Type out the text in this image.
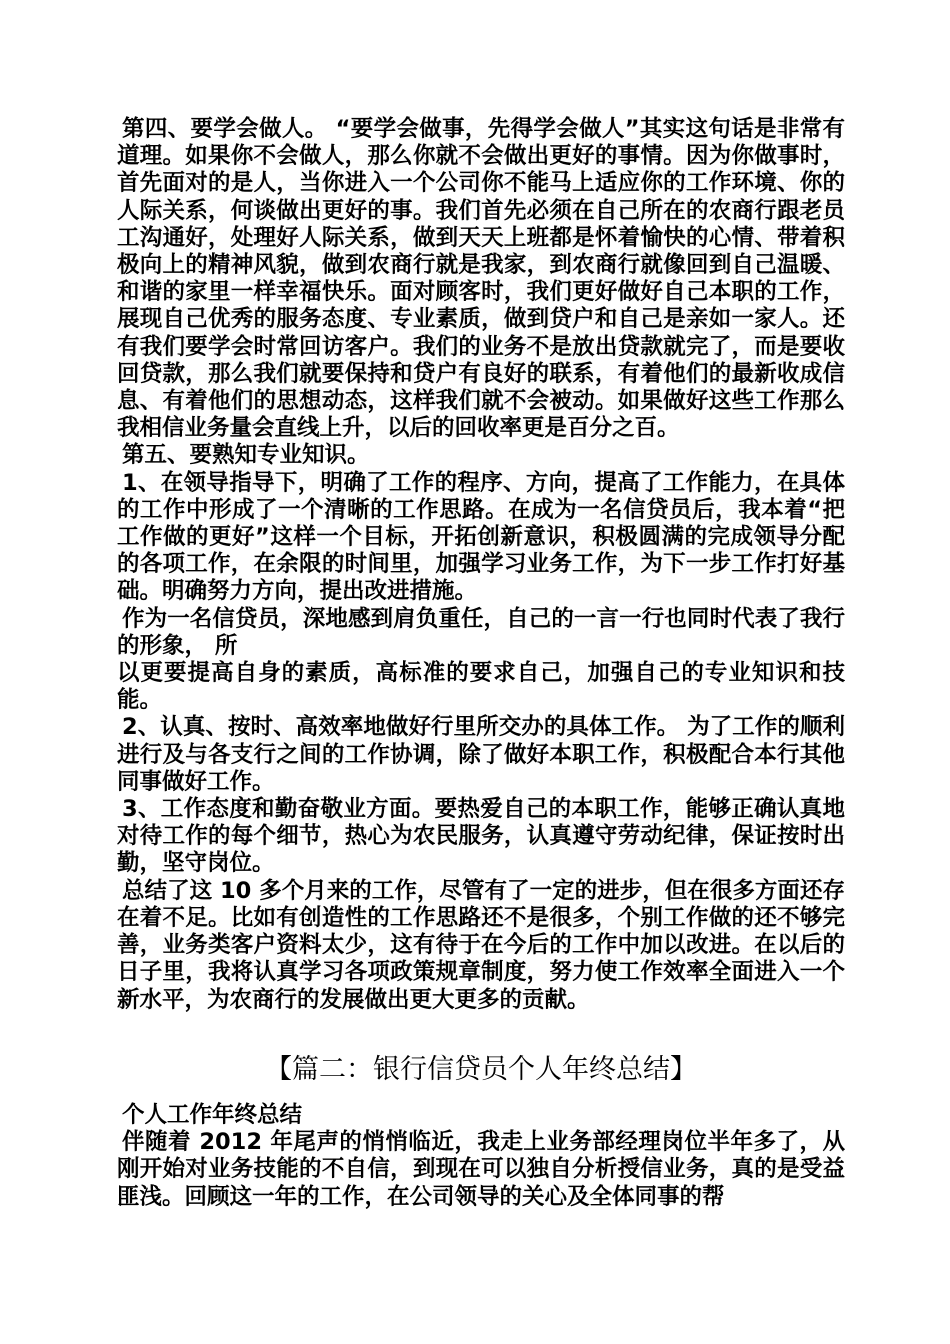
第四、要学会做人。 “要学会做事，先得学会做人”其实这句话是非常有道理。如果你不会做人，那么你就不会做出更好的事情。因为你做事时，首先面对的是人，当你进入一个公司你不能马上适应你的工作环境、你的人际关系，何谈做出更好的事。我们首先必须在自己所在的农商行跟老员工沟通好，处理好人际关系，做到天天上班都是怀着愉快的心情、带着积极向上的精神风貌，做到农商行就是我家，到农商行就像回到自己温暖、和谐的家里一样幸福快乐。面对顾客时，我们更好做好自己本职的工作，展现自己优秀的服务态度、专业素质，做到贷户和自己是亲如一家人。还有我们要学会时常回访客户。我们的业务不是放出贷款就完了，而是要收回贷款，那么我们就要保持和贷户有良好的联系，有着他们的最新收成信息、有着他们的思想动态，这样我们就不会被动。如果做好这些工作那么我相信业务量会直线上升，以后的回收率更是百分之百。

第五、要熟知专业知识。

1、在领导指导下，明确了工作的程序、方向，提高了工作能力，在具体的工作中形成了一个清晰的工作思路。在成为一名信贷员后，我本着“把工作做的更好”这样一个目标，开拓创新意识，积极圆满的完成领导分配的各项工作，在余限的时间里，加强学习业务工作，为下一步工作打好基础。明确努力方向，提出改进措施。

作为一名信贷员，深地感到肩负重任，自己的一言一行也同时代表了我行的形象， 所

以更要提高自身的素质，高标准的要求自己，加强自己的专业知识和技能。

2、认真、按时、高效率地做好行里所交办的具体工作。 为了工作的顺利进行及与各支行之间的工作协调，除了做好本职工作，积极配合本行其他同事做好工作。

3、工作态度和勤奋敬业方面。要热爱自己的本职工作，能够正确认真地对待工作的每个细节，热心为农民服务，认真遵守劳动纪律，保证按时出勤，坚守岗位。

总结了这 10 多个月来的工作，尽管有了一定的进步，但在很多方面还存在着不足。比如有创造性的工作思路还不是很多，个别工作做的还不够完善，业务类客户资料太少，这有待于在今后的工作中加以改进。在以后的日子里，我将认真学习各项政策规章制度，努力使工作效率全面进入一个新水平，为农商行的发展做出更大更多的贡献。

【篇二：银行信贷员个人年终总结】

个人工作年终总结

伴随着 2012 年尾声的悄悄临近，我走上业务部经理岗位半年多了，从刚开始对业务技能的不自信，到现在可以独自分析授信业务，真的是受益匪浅。回顾这一年的工作，在公司领导的关心及全体同事的帮
